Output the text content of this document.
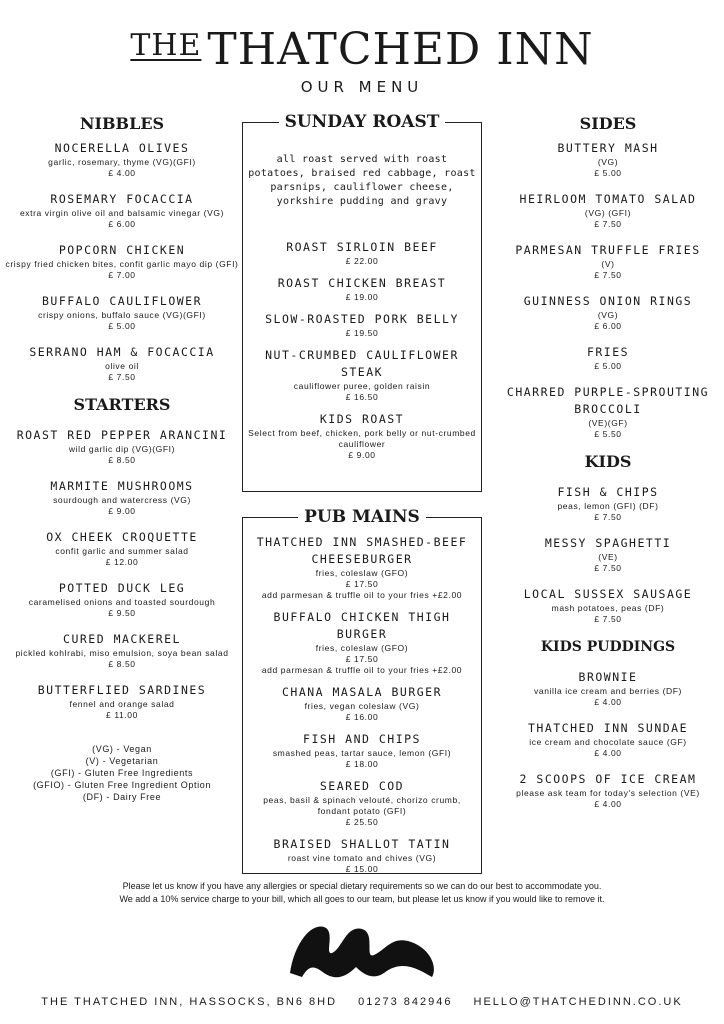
$^{THE}$ THATCHED INN
OUR MENU
NIBBLES
NOCERELLA OLIVES
garlic, rosemary, thyme (VG)(GFI)
£ 4.00
ROSEMARY FOCACCIA
extra virgin olive oil and balsamic vinegar (VG)
£ 6.00
POPCORN CHICKEN
crispy fried chicken bites, confit garlic mayo dip (GFI)
£ 7.00
BUFFALO CAULIFLOWER
crispy onions, buffalo sauce (VG)(GFI)
£ 5.00
SERRANO HAM & FOCACCIA
olive oil
£ 7.50
STARTERS
ROAST RED PEPPER ARANCINI
wild garlic dip (VG)(GFI)
£ 8.50
MARMITE MUSHROOMS
sourdough and watercress (VG)
£ 9.00
OX CHEEK CROQUETTE
confit garlic and summer salad
£ 12.00
POTTED DUCK LEG
caramelised onions and toasted sourdough
£ 9.50
CURED MACKEREL
pickled kohlrabi, miso emulsion, soya bean salad
£ 8.50
BUTTERFLIED SARDINES
fennel and orange salad
£ 11.00
(VG) - Vegan
(V) - Vegetarian
(GFI) - Gluten Free Ingredients
(GFIO) - Gluten Free Ingredient Option
(DF) - Dairy Free
SUNDAY ROAST
all roast served with roast potatoes, braised red cabbage, roast parsnips, cauliflower cheese, yorkshire pudding and gravy
ROAST SIRLOIN BEEF
£ 22.00
ROAST CHICKEN BREAST
£ 19.00
SLOW-ROASTED PORK BELLY
£ 19.50
NUT-CRUMBED CAULIFLOWER STEAK
cauliflower puree, golden raisin
£ 16.50
KIDS ROAST
Select from beef, chicken, pork belly or nut-crumbed cauliflower
£ 9.00
PUB MAINS
THATCHED INN SMASHED-BEEF CHEESEBURGER
fries, coleslaw (GFO)
£ 17.50
add parmesan & truffle oil to your fries +£2.00
BUFFALO CHICKEN THIGH BURGER
fries, coleslaw (GFO)
£ 17.50
add parmesan & truffle oil to your fries +£2.00
CHANA MASALA BURGER
fries, vegan coleslaw (VG)
£ 16.00
FISH AND CHIPS
smashed peas, tartar sauce, lemon (GFI)
£ 18.00
SEARED COD
peas, basil & spinach velouté, chorizo crumb, fondant potato (GFI)
£ 25.50
BRAISED SHALLOT TATIN
roast vine tomato and chives (VG)
£ 15.00
SIDES
BUTTERY MASH
(VG)
£ 5.00
HEIRLOOM TOMATO SALAD
(VG) (GFI)
£ 7.50
PARMESAN TRUFFLE FRIES
(V)
£ 7.50
GUINNESS ONION RINGS
(VG)
£ 6.00
FRIES
£ 5.00
CHARRED PURPLE-SPROUTING BROCCOLI
(VE)(GF)
£ 5.50
KIDS
FISH & CHIPS
peas, lemon (GFI) (DF)
£ 7.50
MESSY SPAGHETTI
(VE)
£ 7.50
LOCAL SUSSEX SAUSAGE
mash potatoes, peas (DF)
£ 7.50
KIDS PUDDINGS
BROWNIE
vanilla ice cream and berries (DF)
£ 4.00
THATCHED INN SUNDAE
ice cream and chocolate sauce (GF)
£ 4.00
2 SCOOPS OF ICE CREAM
please ask team for today's selection (VE)
£ 4.00
Please let us know if you have any allergies or special dietary requirements so we can do our best to accommodate you.
We add a 10% service charge to your bill, which all goes to our team, but please let us know if you would like to remove it.
THE THATCHED INN, HASSOCKS, BN6 8HD 01273 842946 HELLO@THATCHEDINN.CO.UK
